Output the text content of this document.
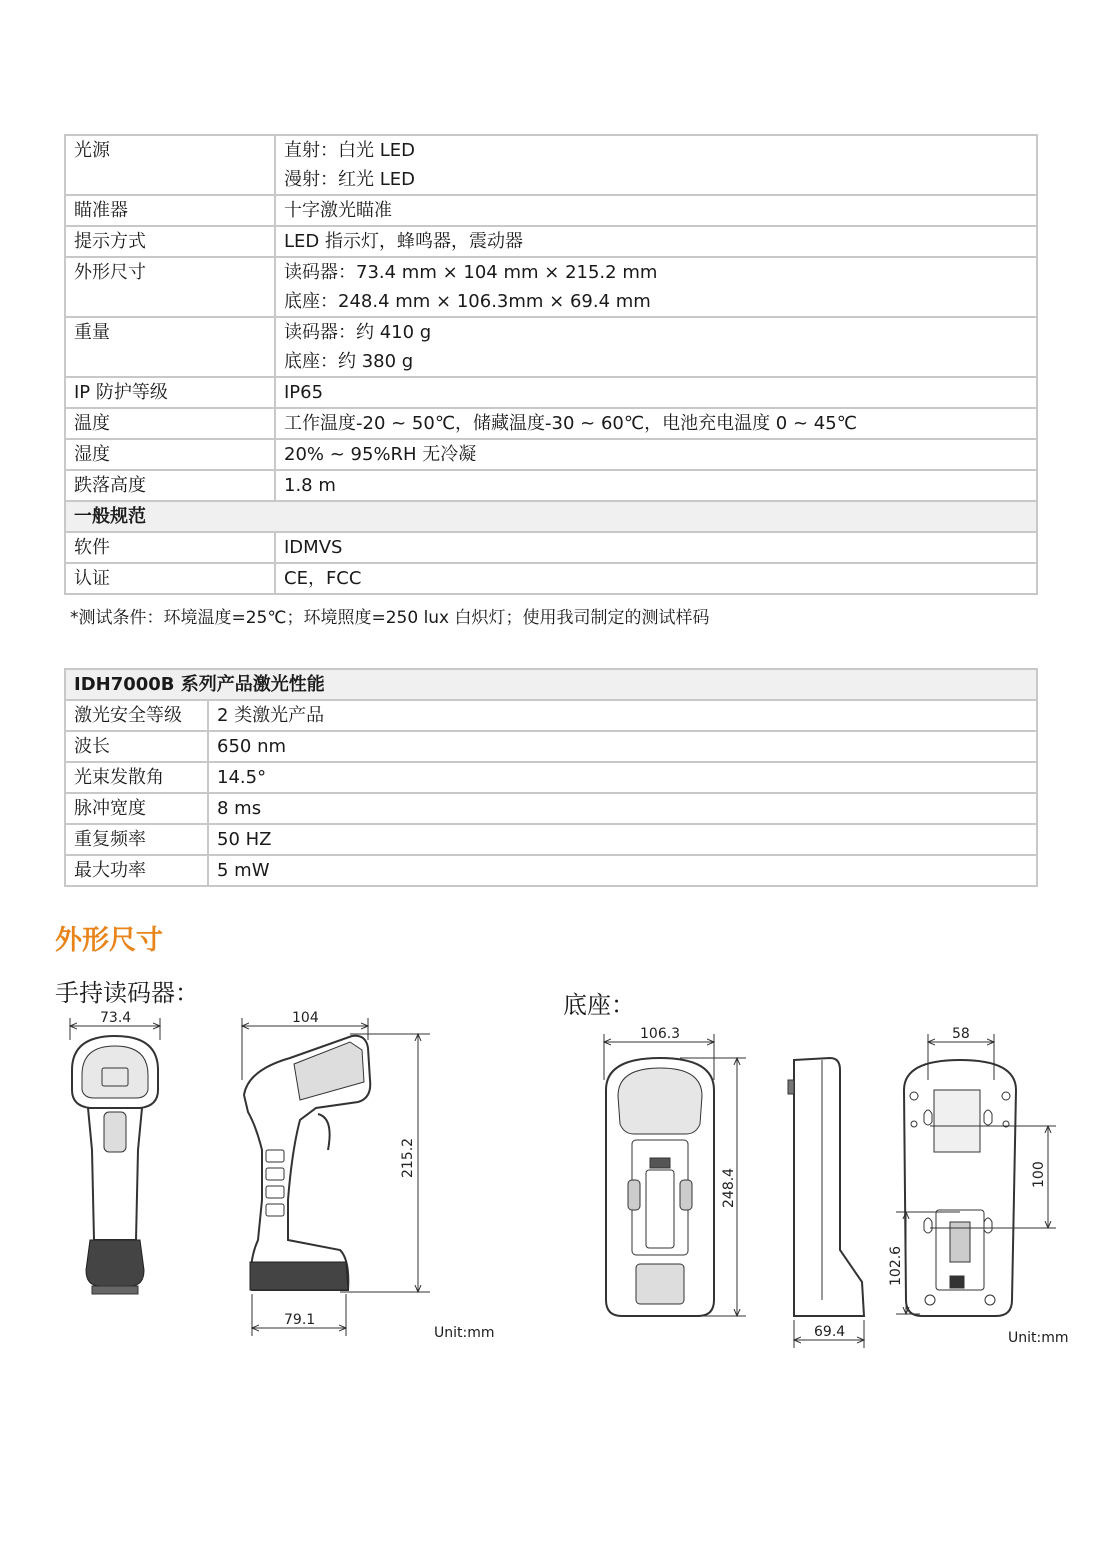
光源	直射：白光 LED
漫射：红光 LED

瞄准器	十字激光瞄准

提示方式	LED 指示灯，蜂鸣器，震动器

外形尺寸	读码器：73.4 mm × 104 mm × 215.2 mm
底座：248.4 mm × 106.3mm × 69.4 mm

重量	读码器：约 410 g
底座：约 380 g

IP 防护等级	IP65

温度	工作温度-20 ~ 50℃，储藏温度-30 ~ 60℃，电池充电温度 0 ~ 45℃

湿度	20% ~ 95%RH 无冷凝

跌落高度	1.8 m

一般规范	
软件	IDMVS
认证	CE，FCC
*测试条件：环境温度=25℃；环境照度=250 lux 白炽灯；使用我司制定的测试样码
IDH7000B 系列产品激光性能	
激光安全等级	2 类激光产品
波长	650 nm
光束发散角	14.5°
脉冲宽度	8 ms
重复频率	50 HZ
最大功率	5 mW
外形尺寸
手持读码器：	底座：
73.4	104
215.2
79.1
106.3
248.4
69.4
58
100
102.6
Unit:mm	Unit:mm
